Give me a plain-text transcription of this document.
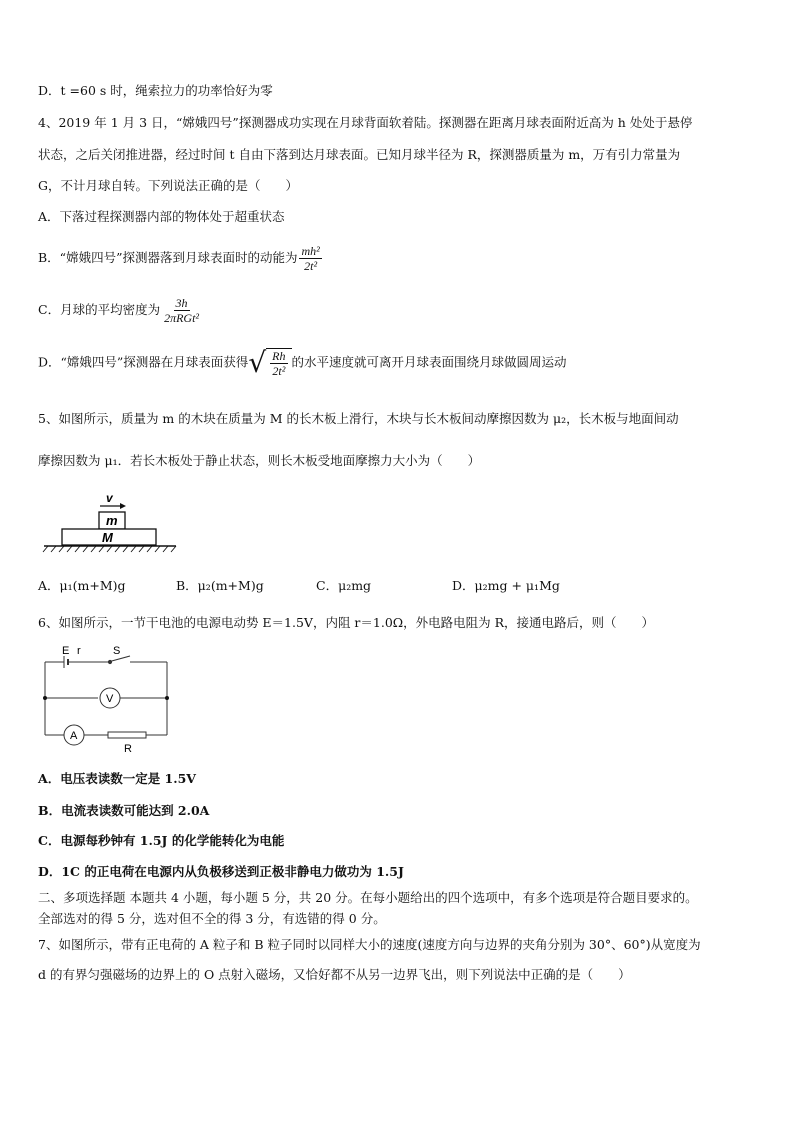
D．t =60 s 时，绳索拉力的功率恰好为零
4、2019 年 1 月 3 日，“嫦娥四号”探测器成功实现在月球背面软着陆。探测器在距离月球表面附近高为 h 处处于悬停
状态，之后关闭推进器，经过时间 t 自由下落到达月球表面。已知月球半径为 R，探测器质量为 m，万有引力常量为
G，不计月球自转。下列说法正确的是（　　）
A．下落过程探测器内部的物体处于超重状态
B．“嫦娥四号”探测器落到月球表面时的动能为 $\frac{\text{mh²}}{\text{2t²}}$
C．月球的平均密度为 $\frac{3h}{\text{2πRGt²}}$
D．“嫦娥四号”探测器在月球表面获得 √ $\frac{Rh}{\text{2t²}}$ 的水平速度就可离开月球表面围绕月球做圆周运动
5、如图所示，质量为 m 的木块在质量为 M 的长木板上滑行，木块与长木板间动摩擦因数为 μ₂，长木板与地面间动
摩擦因数为 μ₁．若长木板处于静止状态，则长木板受地面摩擦力大小为（　　）
v
m
M
A．μ₁(m+M)g	B．μ₂(m+M)g	C．μ₂mg	D．μ₂mg + μ₁Mg
6、如图所示，一节干电池的电源电动势 E＝1.5V，内阻 r＝1.0Ω，外电路电阻为 R，接通电路后，则（　　）
E r	S
V
A
R
A．电压表读数一定是 1.5V
B．电流表读数可能达到 2.0A
C．电源每秒钟有 1.5J 的化学能转化为电能
D．1C 的正电荷在电源内从负极移送到正极非静电力做功为 1.5J
二、多项选择题 本题共 4 小题，每小题 5 分，共 20 分。在每小题给出的四个选项中，有多个选项是符合题目要求的。
全部选对的得 5 分，选对但不全的得 3 分，有选错的得 0 分。
7、如图所示，带有正电荷的 A 粒子和 B 粒子同时以同样大小的速度(速度方向与边界的夹角分别为 30°、60°)从宽度为
d 的有界匀强磁场的边界上的 O 点射入磁场，又恰好都不从另一边界飞出，则下列说法中正确的是（　　）
